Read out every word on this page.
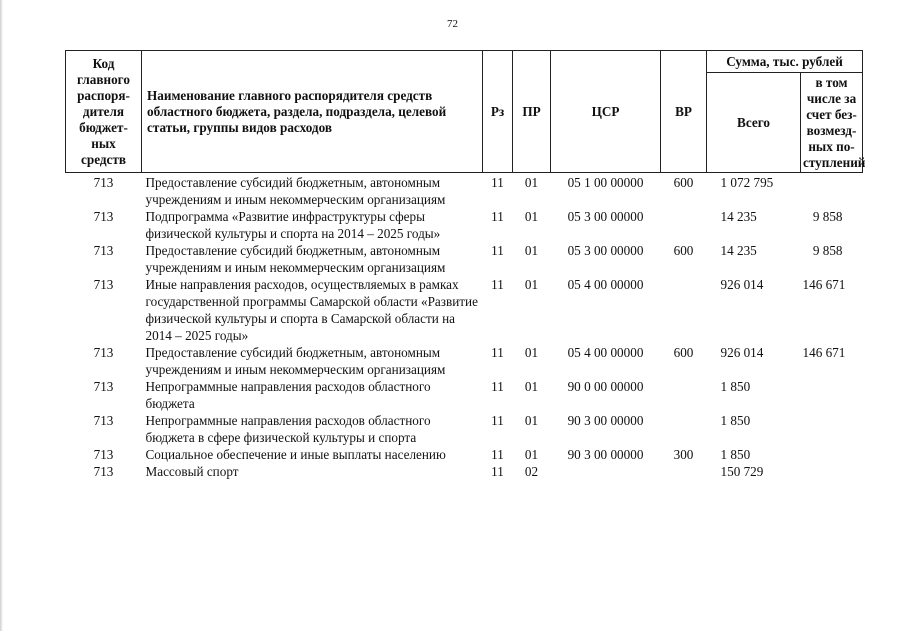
72
Код главного распоря-дителя бюджет-ных средств	Наименование главного распорядителя средств областного бюджета, раздела, подраздела, целевой статьи, группы видов расходов	Рз	ПР	ЦСР	ВР	Сумма, тыс. рублей	
						Всего	в том числе за счет без-возмезд-ных по-ступлений
713	Предоставление субсидий бюджетным, автономным учреждениям и иным некоммерческим организациям	11	01	05 1 00 00000	600	1 072 795	
713	Подпрограмма «Развитие инфраструктуры сферы физической культуры и спорта на 2014 – 2025 годы»	11	01	05 3 00 00000		14 235	9 858
713	Предоставление субсидий бюджетным, автономным учреждениям и иным некоммерческим организациям	11	01	05 3 00 00000	600	14 235	9 858
713	Иные направления расходов, осуществляемых в рамках государственной программы Самарской области «Развитие физической культуры и спорта в Самарской области на 2014 – 2025 годы»	11	01	05 4 00 00000		926 014	146 671
713	Предоставление субсидий бюджетным, автономным учреждениям и иным некоммерческим организациям	11	01	05 4 00 00000	600	926 014	146 671
713	Непрограммные направления расходов областного бюджета	11	01	90 0 00 00000		1 850	
713	Непрограммные направления расходов областного бюджета в сфере физической культуры и спорта	11	01	90 3 00 00000		1 850	
713	Социальное обеспечение и иные выплаты населению	11	01	90 3 00 00000	300	1 850	
713	Массовый спорт	11	02			150 729	
